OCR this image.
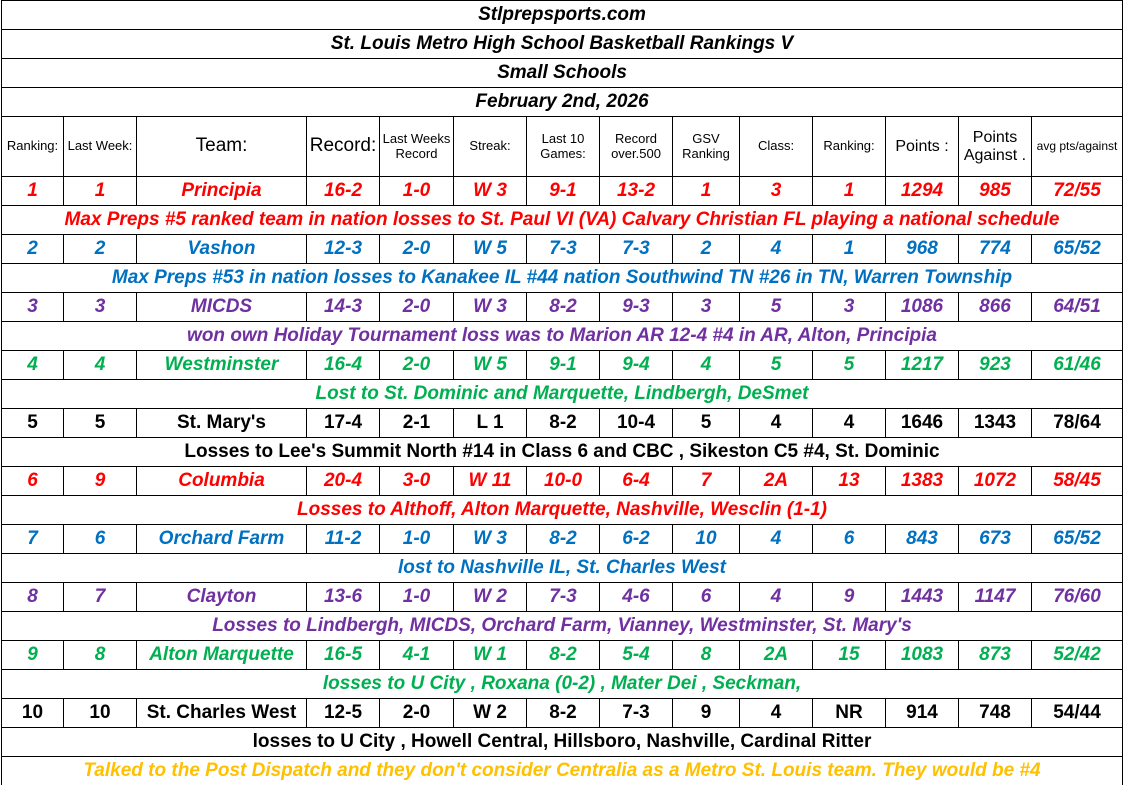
Stlprepsports.com													
St. Louis Metro High School Basketball Rankings V													
Small Schools													
February 2nd, 2026													
Ranking:	Last Week:	Team:	Record:	Last Weeks Record	Streak:	Last 10 Games:	Record over.500	GSV Ranking	Class:	Ranking:	Points :	Points Against .	avg pts/against
1	1	Principia	16-2	1-0	W 3	9-1	13-2	1	3	1	1294	985	72/55
Max Preps #5 ranked team in nation losses to St. Paul VI (VA) Calvary Christian FL playing a national schedule													
2	2	Vashon	12-3	2-0	W 5	7-3	7-3	2	4	1	968	774	65/52
Max Preps #53 in nation losses to Kanakee IL #44 nation Southwind TN #26 in TN, Warren Township													
3	3	MICDS	14-3	2-0	W 3	8-2	9-3	3	5	3	1086	866	64/51
won own Holiday Tournament loss was to Marion AR 12-4 #4 in AR, Alton, Principia													
4	4	Westminster	16-4	2-0	W 5	9-1	9-4	4	5	5	1217	923	61/46
Lost to St. Dominic and Marquette, Lindbergh, DeSmet													
5	5	St. Mary's	17-4	2-1	L 1	8-2	10-4	5	4	4	1646	1343	78/64
Losses to Lee's Summit North #14 in Class 6 and CBC , Sikeston C5 #4, St. Dominic													
6	9	Columbia	20-4	3-0	W 11	10-0	6-4	7	2A	13	1383	1072	58/45
Losses to Althoff, Alton Marquette, Nashville, Wesclin (1-1)													
7	6	Orchard Farm	11-2	1-0	W 3	8-2	6-2	10	4	6	843	673	65/52
lost to Nashville IL, St. Charles West													
8	7	Clayton	13-6	1-0	W 2	7-3	4-6	6	4	9	1443	1147	76/60
Losses to Lindbergh, MICDS, Orchard Farm, Vianney, Westminster, St. Mary's													
9	8	Alton Marquette	16-5	4-1	W 1	8-2	5-4	8	2A	15	1083	873	52/42
losses to U City , Roxana (0-2) , Mater Dei , Seckman,													
10	10	St. Charles West	12-5	2-0	W 2	8-2	7-3	9	4	NR	914	748	54/44
losses to U City , Howell Central, Hillsboro, Nashville, Cardinal Ritter													
Talked to the Post Dispatch and they don't consider Centralia as a Metro St. Louis team. They would be #4													
